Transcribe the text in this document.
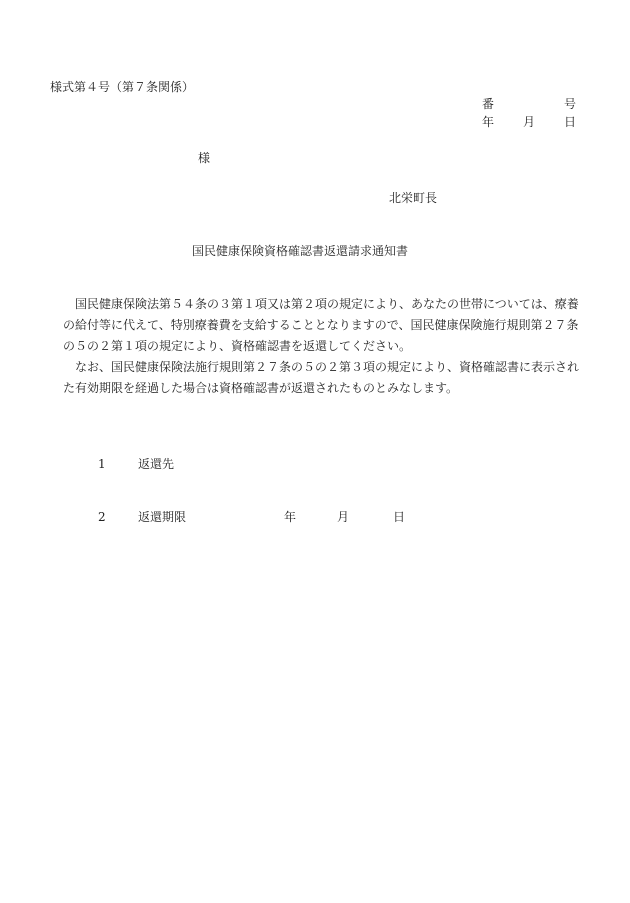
様式第４号（第７条関係）
番	号
年 月 日
様
北栄町長
国民健康保険資格確認書返還請求通知書
国民健康保険法第５４条の３第１項又は第２項の規定により、あなたの世帯については、療養の給付等に代えて、特別療養費を支給することとなりますので、国民健康保険施行規則第２７条の５の２第１項の規定により、資格確認書を返還してください。
なお、国民健康保険法施行規則第２７条の５の２第３項の規定により、資格確認書に表示された有効期限を経過した場合は資格確認書が返還されたものとみなします。
1	返還先
2	返還期限	年	月	日
